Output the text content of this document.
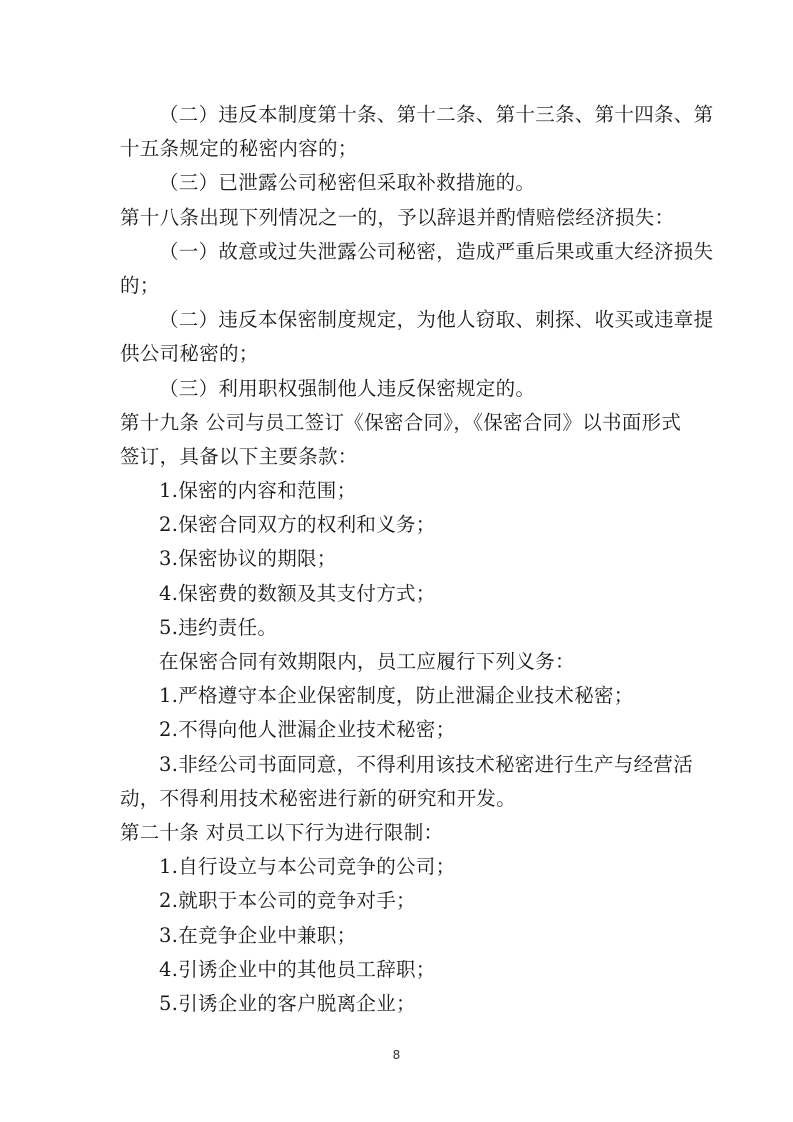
（二）违反本制度第十条、第十二条、第十三条、第十四条、第
十五条规定的秘密内容的；
（三）已泄露公司秘密但采取补救措施的。
第十八条出现下列情况之一的，予以辞退并酌情赔偿经济损失：
（一）故意或过失泄露公司秘密，造成严重后果或重大经济损失
的；
（二）违反本保密制度规定，为他人窃取、刺探、收买或违章提
供公司秘密的；
（三）利用职权强制他人违反保密规定的。
第十九条 公司与员工签订《保密合同》，《保密合同》以书面形式
签订，具备以下主要条款：
1.保密的内容和范围；
2.保密合同双方的权利和义务；
3.保密协议的期限；
4.保密费的数额及其支付方式；
5.违约责任。
在保密合同有效期限内，员工应履行下列义务：
1.严格遵守本企业保密制度，防止泄漏企业技术秘密；
2.不得向他人泄漏企业技术秘密；
3.非经公司书面同意，不得利用该技术秘密进行生产与经营活
动，不得利用技术秘密进行新的研究和开发。
第二十条 对员工以下行为进行限制：
1.自行设立与本公司竞争的公司；
2.就职于本公司的竞争对手；
3.在竞争企业中兼职；
4.引诱企业中的其他员工辞职；
5.引诱企业的客户脱离企业；
8
